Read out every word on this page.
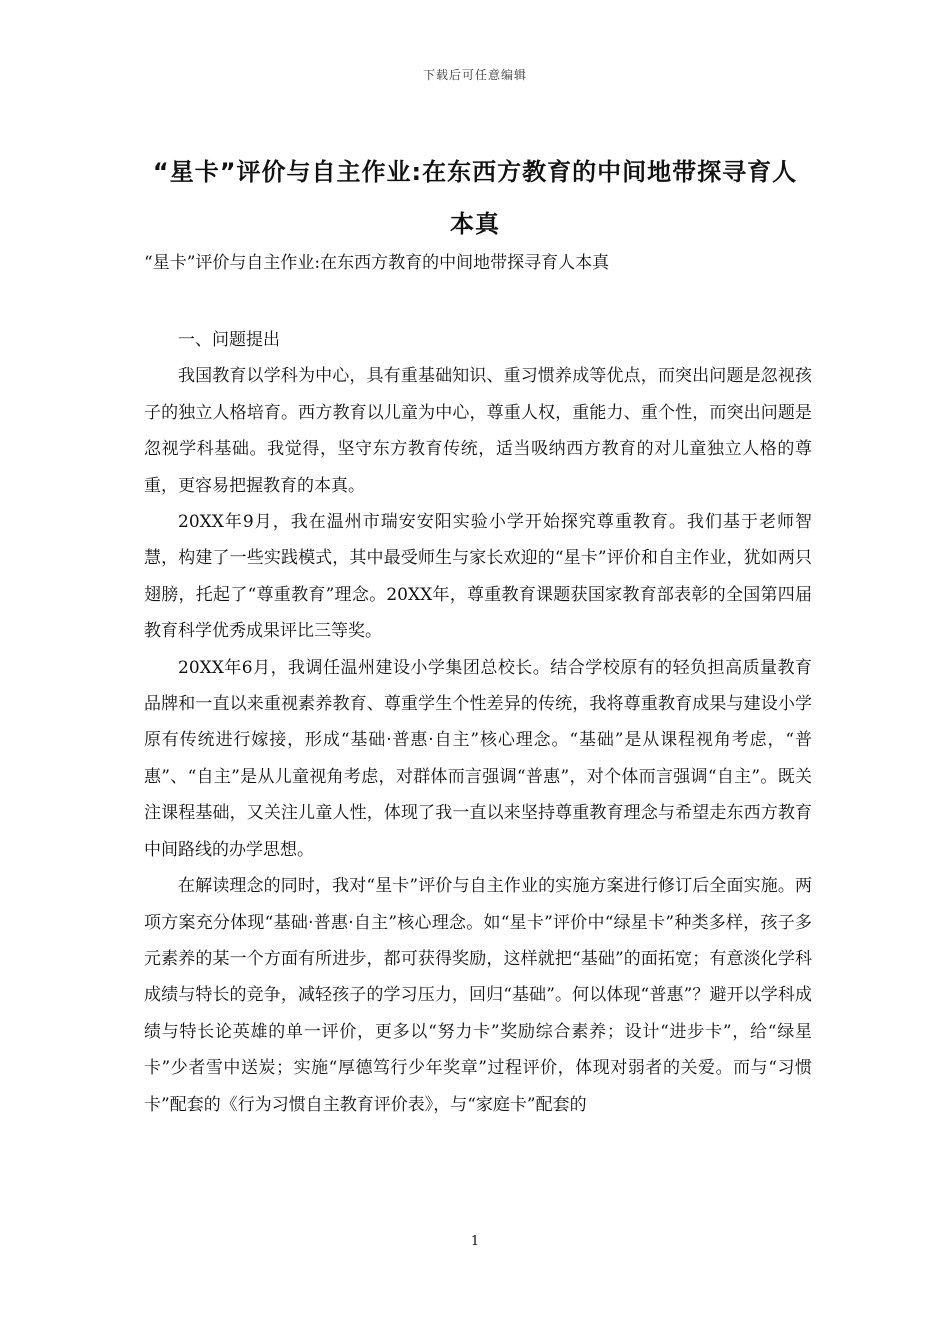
下载后可任意编辑
“星卡”评价与自主作业:在东西方教育的中间地带探寻育人本真
“星卡”评价与自主作业:在东西方教育的中间地带探寻育人本真
一、问题提出

我国教育以学科为中心，具有重基础知识、重习惯养成等优点，而突出问题是忽视孩子的独立人格培育。西方教育以儿童为中心，尊重人权，重能力、重个性，而突出问题是忽视学科基础。我觉得，坚守东方教育传统，适当吸纳西方教育的对儿童独立人格的尊重，更容易把握教育的本真。

20XX年9月，我在温州市瑞安安阳实验小学开始探究尊重教育。我们基于老师智慧，构建了一些实践模式，其中最受师生与家长欢迎的“星卡”评价和自主作业，犹如两只翅膀，托起了“尊重教育”理念。20XX年，尊重教育课题获国家教育部表彰的全国第四届教育科学优秀成果评比三等奖。

20XX年6月，我调任温州建设小学集团总校长。结合学校原有的轻负担高质量教育品牌和一直以来重视素养教育、尊重学生个性差异的传统，我将尊重教育成果与建设小学原有传统进行嫁接，形成“基础·普惠·自主”核心理念。“基础”是从课程视角考虑，“普惠”、“自主”是从儿童视角考虑，对群体而言强调“普惠”，对个体而言强调“自主”。既关注课程基础，又关注儿童人性，体现了我一直以来坚持尊重教育理念与希望走东西方教育中间路线的办学思想。

在解读理念的同时，我对“星卡”评价与自主作业的实施方案进行修订后全面实施。两项方案充分体现“基础·普惠·自主”核心理念。如“星卡”评价中“绿星卡”种类多样，孩子多元素养的某一个方面有所进步，都可获得奖励，这样就把“基础”的面拓宽；有意淡化学科成绩与特长的竞争，减轻孩子的学习压力，回归“基础”。何以体现“普惠”？避开以学科成绩与特长论英雄的单一评价，更多以“努力卡”奖励综合素养；设计“进步卡”，给“绿星卡”少者雪中送炭；实施“厚德笃行少年奖章”过程评价，体现对弱者的关爱。而与“习惯卡”配套的《行为习惯自主教育评价表》，与“家庭卡”配套的

1
